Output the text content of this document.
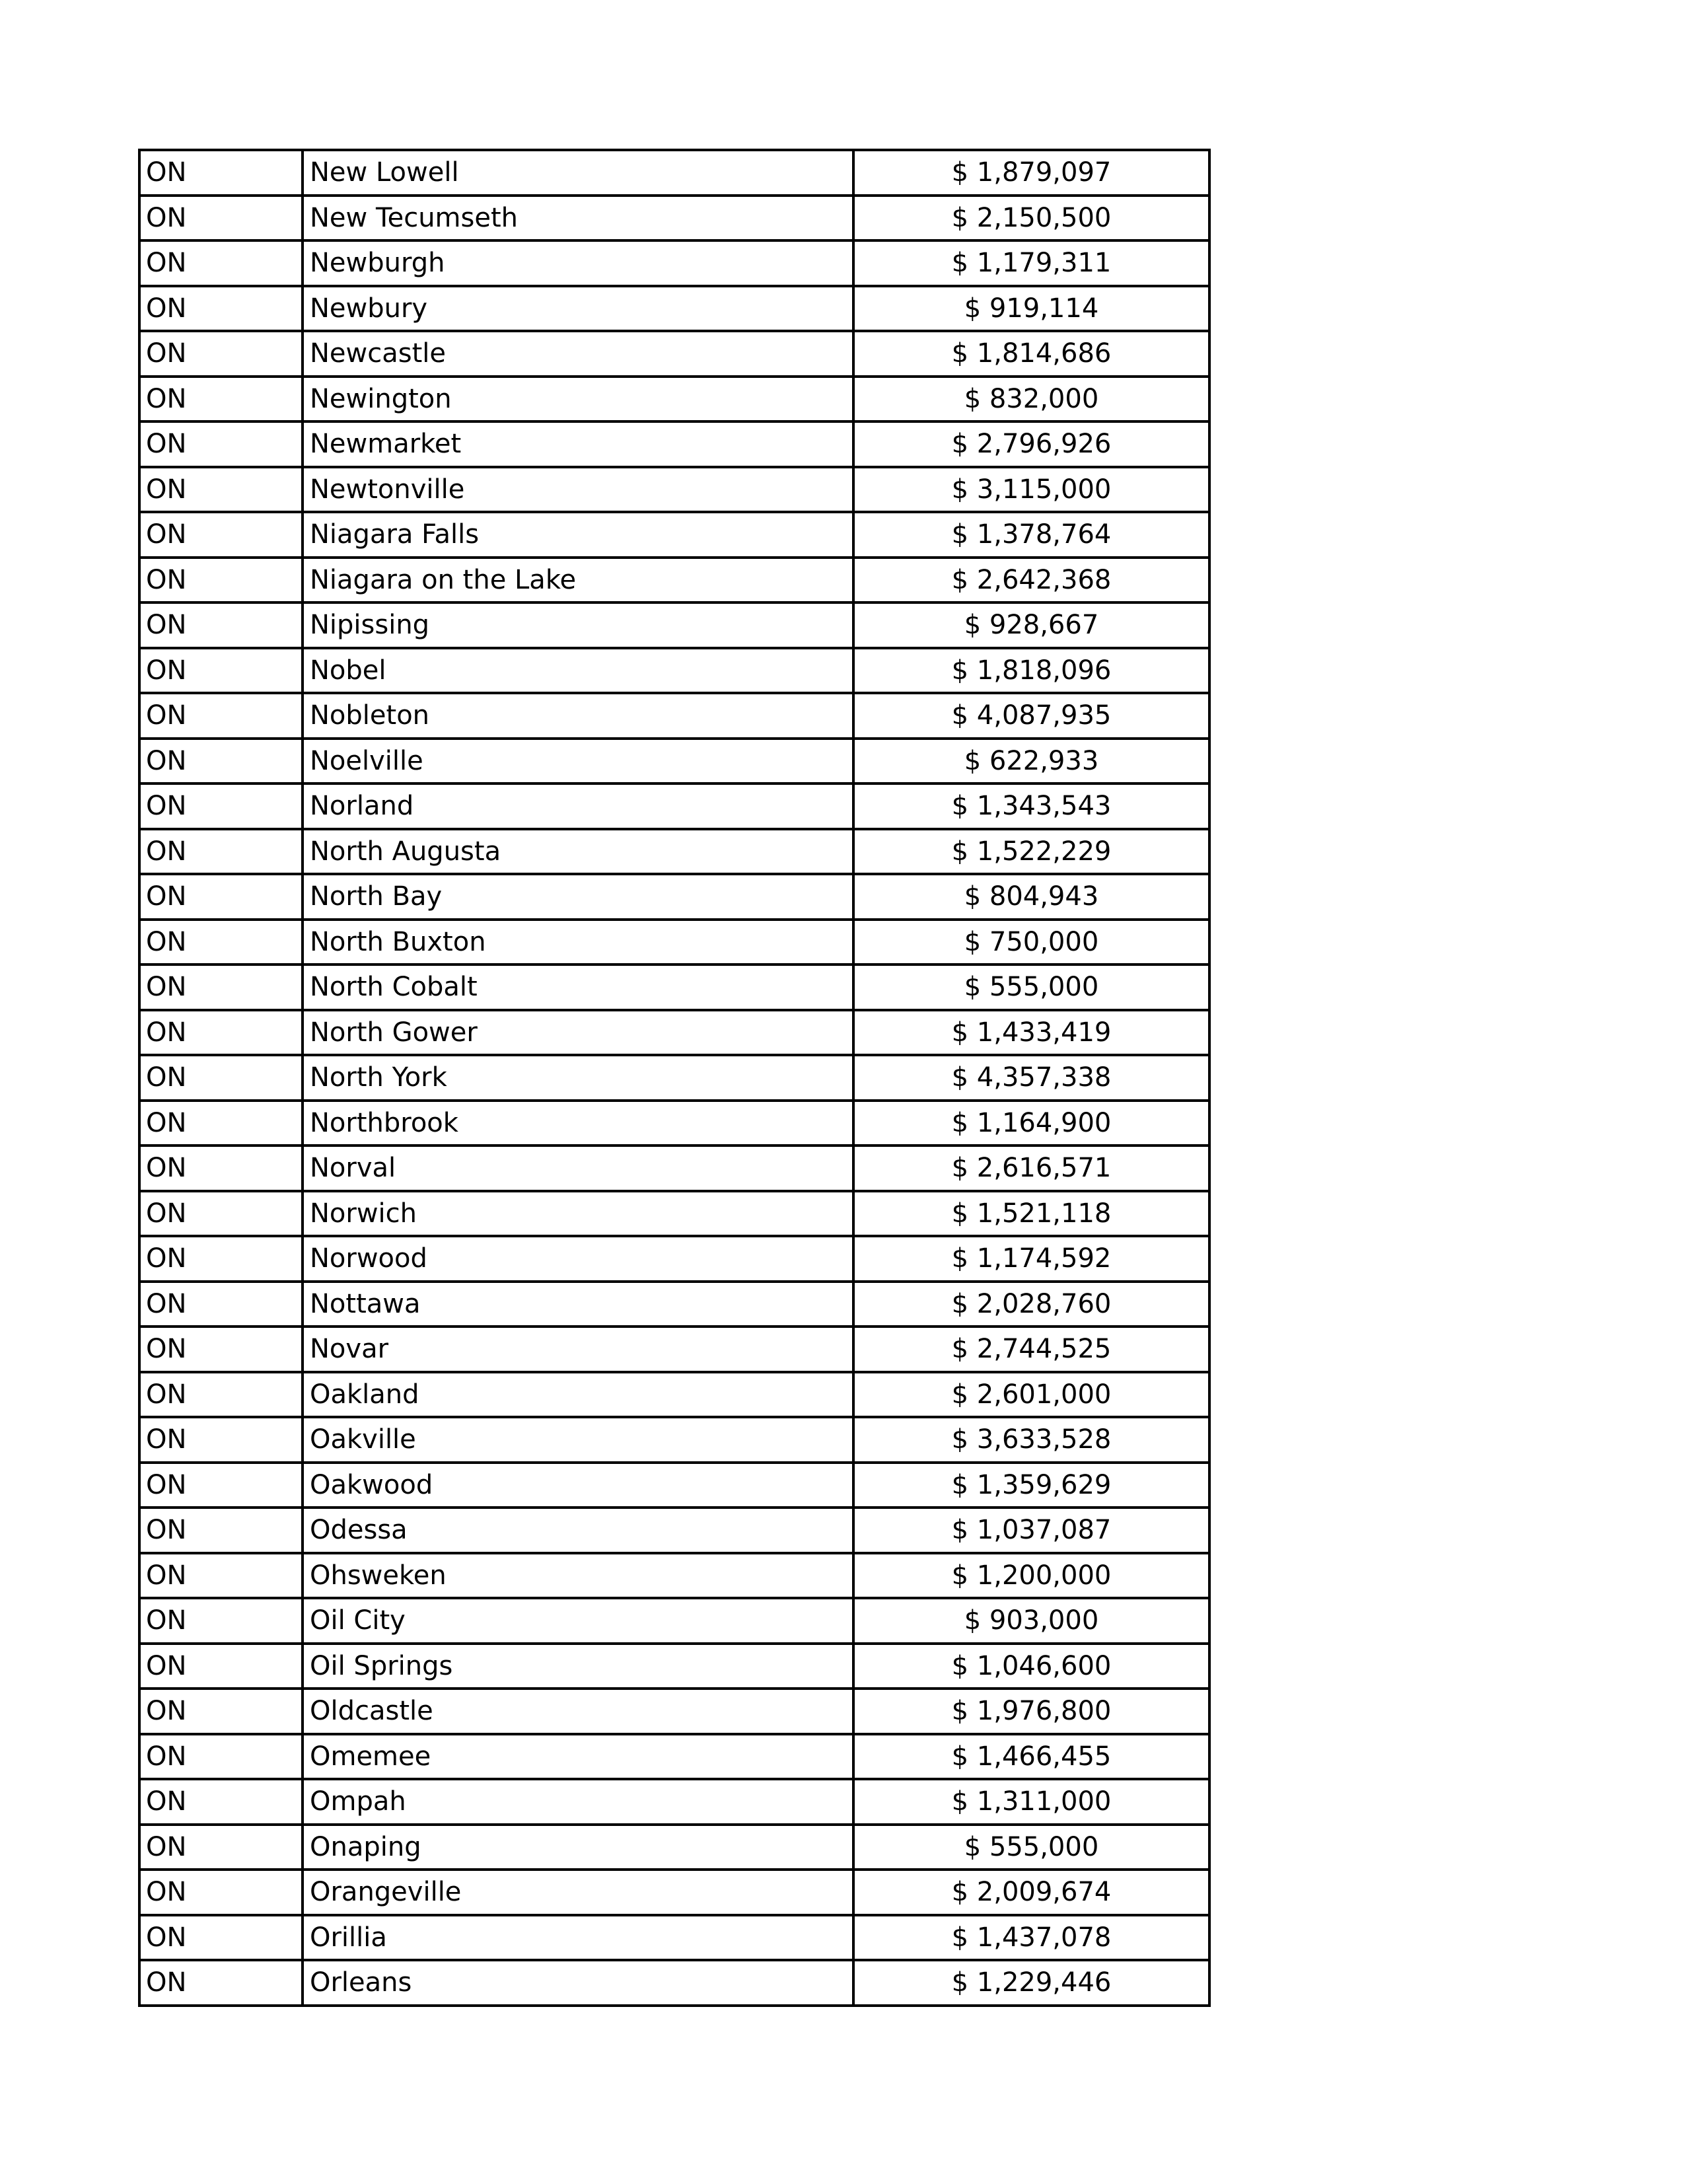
ON	New Lowell	$ 1,879,097
ON	New Tecumseth	$ 2,150,500
ON	Newburgh	$ 1,179,311
ON	Newbury	$ 919,114
ON	Newcastle	$ 1,814,686
ON	Newington	$ 832,000
ON	Newmarket	$ 2,796,926
ON	Newtonville	$ 3,115,000
ON	Niagara Falls	$ 1,378,764
ON	Niagara on the Lake	$ 2,642,368
ON	Nipissing	$ 928,667
ON	Nobel	$ 1,818,096
ON	Nobleton	$ 4,087,935
ON	Noelville	$ 622,933
ON	Norland	$ 1,343,543
ON	North Augusta	$ 1,522,229
ON	North Bay	$ 804,943
ON	North Buxton	$ 750,000
ON	North Cobalt	$ 555,000
ON	North Gower	$ 1,433,419
ON	North York	$ 4,357,338
ON	Northbrook	$ 1,164,900
ON	Norval	$ 2,616,571
ON	Norwich	$ 1,521,118
ON	Norwood	$ 1,174,592
ON	Nottawa	$ 2,028,760
ON	Novar	$ 2,744,525
ON	Oakland	$ 2,601,000
ON	Oakville	$ 3,633,528
ON	Oakwood	$ 1,359,629
ON	Odessa	$ 1,037,087
ON	Ohsweken	$ 1,200,000
ON	Oil City	$ 903,000
ON	Oil Springs	$ 1,046,600
ON	Oldcastle	$ 1,976,800
ON	Omemee	$ 1,466,455
ON	Ompah	$ 1,311,000
ON	Onaping	$ 555,000
ON	Orangeville	$ 2,009,674
ON	Orillia	$ 1,437,078
ON	Orleans	$ 1,229,446
